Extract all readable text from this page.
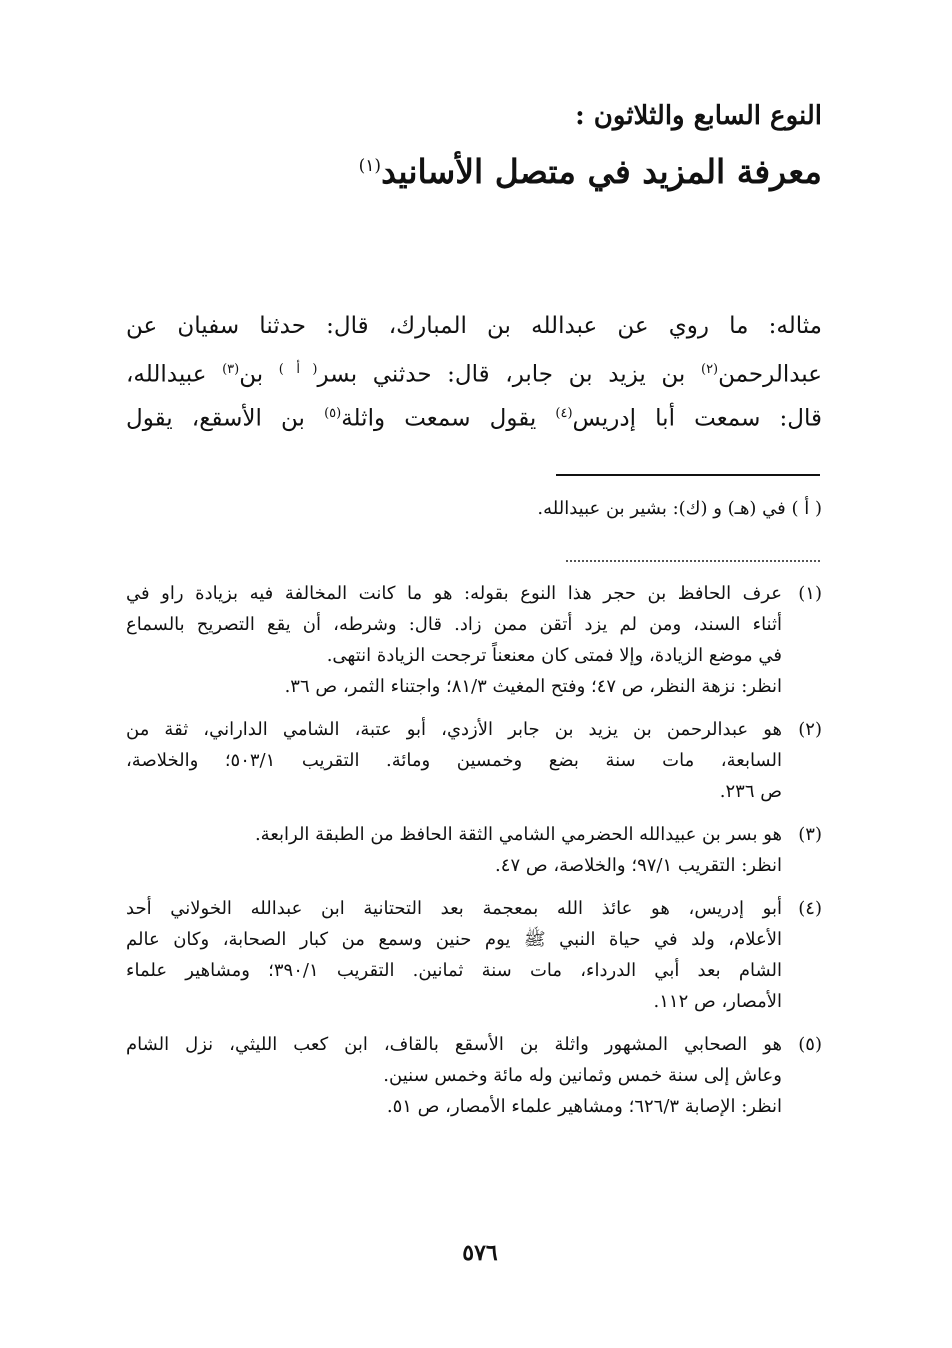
النوع السابع والثلاثون :
معرفة المزيد في متصل الأسانيد$^{(١)}$
مثاله: ما روي عن عبدالله بن المبارك، قال: حدثنا سفيان عن
عبدالرحمن$^{(٢)}$ بن يزيد بن جابر، قال: حدثني بسر$^{( أ )}$ بن$^{(٣)}$ عبيدالله،
قال: سمعت أبا إدريس$^{(٤)}$ يقول سمعت واثلة$^{(٥)}$ بن الأسقع، يقول
( أ ) في (هـ) و (ك): بشير بن عبيدالله.
(١)
عرف الحافظ بن حجر هذا النوع بقوله: هو ما كانت المخالفة فيه بزيادة راو في
أثناء السند، ومن لم يزد أتقن ممن زاد. قال: وشرطه، أن يقع التصريح بالسماع
في موضع الزيادة، وإلا فمتى كان معنعناً ترجحت الزيادة انتهى.
انظر: نزهة النظر، ص ٤٧؛ وفتح المغيث ٨١/٣؛ واجتناء الثمر، ص ٣٦.
(٢)
هو عبدالرحمن بن يزيد بن جابر الأزدي، أبو عتبة، الشامي الداراني، ثقة من
السابعة، مات سنة بضع وخمسين ومائة. التقريب ٥٠٣/١؛ والخلاصة،
ص ٢٣٦.
(٣)
هو بسر بن عبيدالله الحضرمي الشامي الثقة الحافظ من الطبقة الرابعة.
انظر: التقريب ٩٧/١؛ والخلاصة، ص ٤٧.
(٤)
أبو إدريس، هو عائذ الله بمعجمة بعد التحتانية ابن عبدالله الخولاني أحد
الأعلام، ولد في حياة النبي ﷺ يوم حنين وسمع من كبار الصحابة، وكان عالم
الشام بعد أبي الدرداء، مات سنة ثمانين. التقريب ٣٩٠/١؛ ومشاهير علماء
الأمصار، ص ١١٢.
(٥)
هو الصحابي المشهور واثلة بن الأسقع بالقاف، ابن كعب الليثي، نزل الشام
وعاش إلى سنة خمس وثمانين وله مائة وخمس سنين.
انظر: الإصابة ٦٢٦/٣؛ ومشاهير علماء الأمصار، ص ٥١.
٥٧٦
